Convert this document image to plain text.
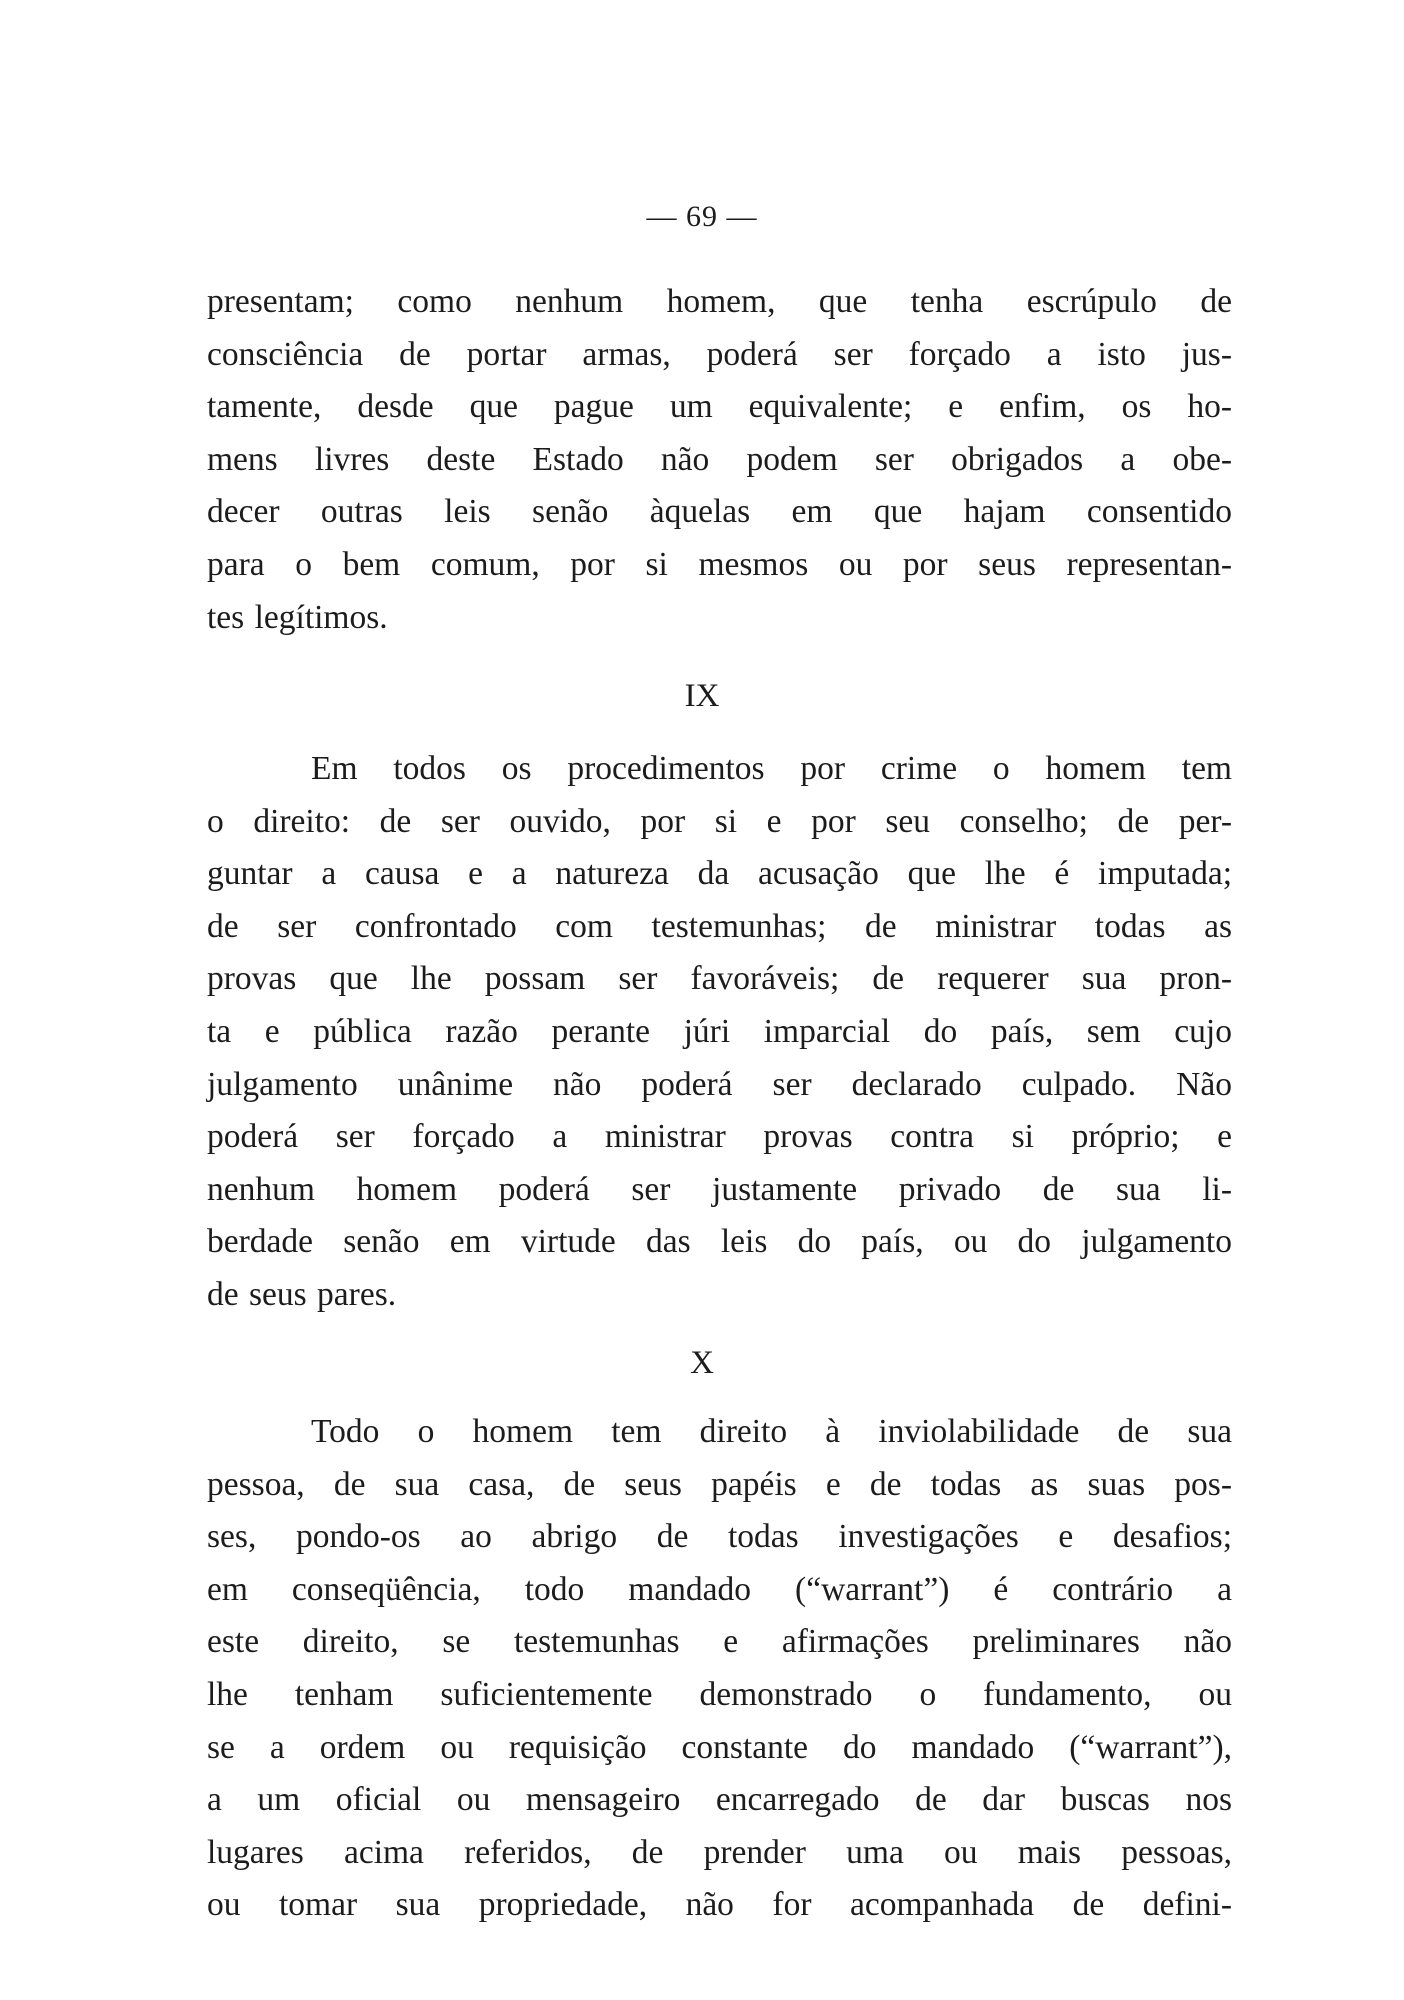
— 69 —
presentam; como nenhum homem, que tenha escrúpulo de
consciência de portar armas, poderá ser forçado a isto jus-
tamente, desde que pague um equivalente; e enfim, os ho-
mens livres deste Estado não podem ser obrigados a obe-
decer outras leis senão àquelas em que hajam consentido
para o bem comum, por si mesmos ou por seus representan-
tes legítimos.
IX
Em todos os procedimentos por crime o homem tem
o direito: de ser ouvido, por si e por seu conselho; de per-
guntar a causa e a natureza da acusação que lhe é imputada;
de ser confrontado com testemunhas; de ministrar todas as
provas que lhe possam ser favoráveis; de requerer sua pron-
ta e pública razão perante júri imparcial do país, sem cujo
julgamento unânime não poderá ser declarado culpado. Não
poderá ser forçado a ministrar provas contra si próprio; e
nenhum homem poderá ser justamente privado de sua li-
berdade senão em virtude das leis do país, ou do julgamento
de seus pares.
X
Todo o homem tem direito à inviolabilidade de sua
pessoa, de sua casa, de seus papéis e de todas as suas pos-
ses, pondo-os ao abrigo de todas investigações e desafios;
em conseqüência, todo mandado (“warrant”) é contrário a
este direito, se testemunhas e afirmações preliminares não
lhe tenham suficientemente demonstrado o fundamento, ou
se a ordem ou requisição constante do mandado (“warrant”),
a um oficial ou mensageiro encarregado de dar buscas nos
lugares acima referidos, de prender uma ou mais pessoas,
ou tomar sua propriedade, não for acompanhada de defini-
